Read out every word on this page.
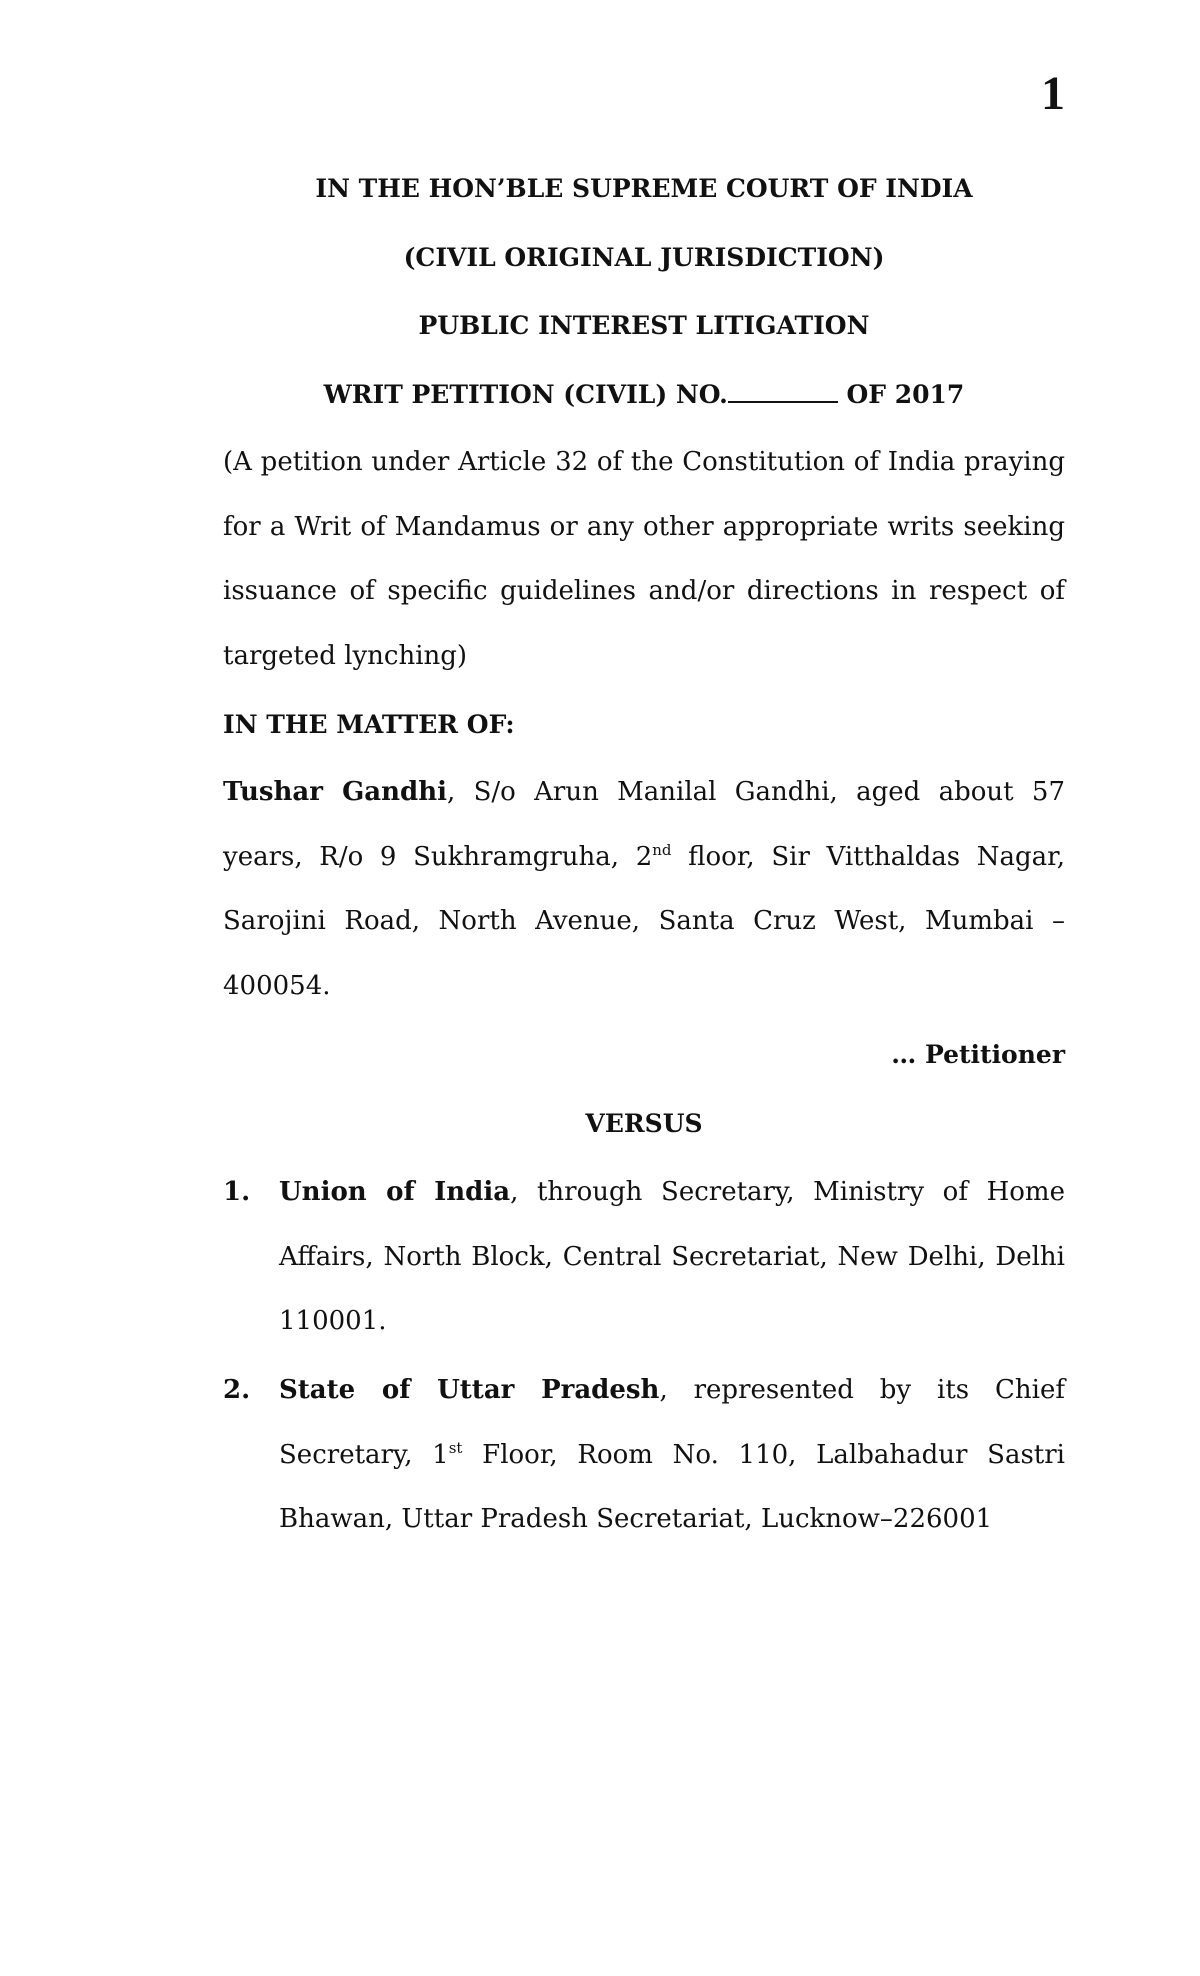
1
IN THE HON’BLE SUPREME COURT OF INDIA
(CIVIL ORIGINAL JURISDICTION)
PUBLIC INTEREST LITIGATION
WRIT PETITION (CIVIL) NO.	OF 2017
(A petition under Article 32 of the Constitution of India praying for a Writ of Mandamus or any other appropriate writs seeking issuance of specific guidelines and/or directions in respect of targeted lynching)
IN THE MATTER OF:
Tushar Gandhi, S/o Arun Manilal Gandhi, aged about 57 years, R/o 9 Sukhramgruha, 2nd floor, Sir Vitthaldas Nagar, Sarojini Road, North Avenue, Santa Cruz West, Mumbai – 400054.
… Petitioner
VERSUS
1. Union of India, through Secretary, Ministry of Home Affairs, North Block, Central Secretariat, New Delhi, Delhi 110001.
2. State of Uttar Pradesh, represented by its Chief Secretary, 1st Floor, Room No. 110, Lalbahadur Sastri Bhawan, Uttar Pradesh Secretariat, Lucknow–226001
